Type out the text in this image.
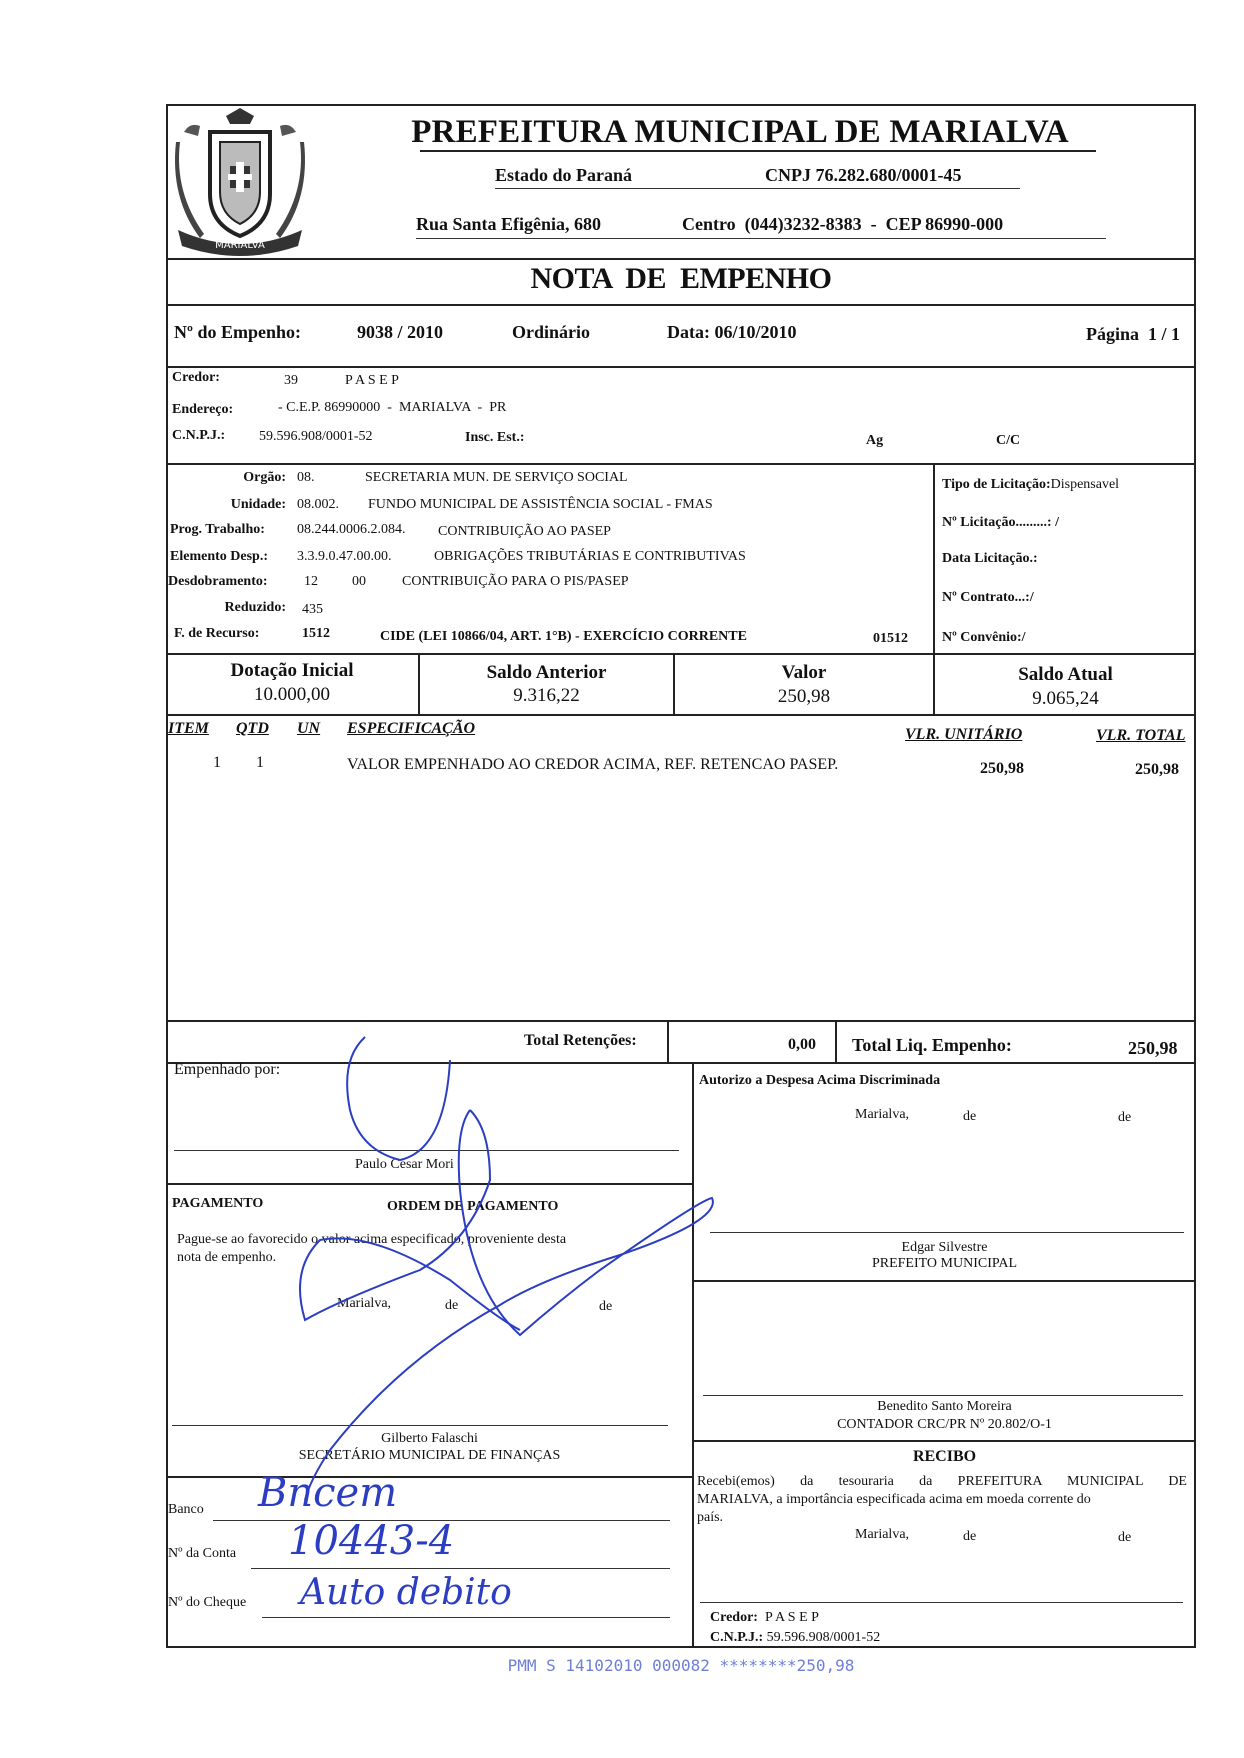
MARIALVA
PREFEITURA MUNICIPAL DE MARIALVA
Estado do Paraná	CNPJ 76.282.680/0001-45
Rua Santa Efigênia, 680	Centro  (044)3232-8383  -  CEP 86990-000
NOTA  DE  EMPENHO
Nº do Empenho:	9038 / 2010	Ordinário	Data: 06/10/2010	Página  1 / 1
Credor:	39	P A S E P
Endereço:	- C.E.P. 86990000  -  MARIALVA  -  PR
C.N.P.J.: 59.596.908/0001-52	Insc. Est.:	Ag	C/C
Orgão: 08.	SECRETARIA MUN. DE SERVIÇO SOCIAL
Unidade: 08.002. FUNDO MUNICIPAL DE ASSISTÊNCIA SOCIAL - FMAS
Prog. Trabalho: 08.244.0006.2.084. CONTRIBUIÇÃO AO PASEP
Elemento Desp.: 3.3.9.0.47.00.00.	OBRIGAÇÕES TRIBUTÁRIAS E CONTRIBUTIVAS
Desdobramento:	12 00	CONTRIBUIÇÃO PARA O PIS/PASEP
Reduzido: 435
F. de Recurso:	1512	CIDE (LEI 10866/04, ART. 1°B) - EXERCÍCIO CORRENTE	01512
Tipo de Licitação:Dispensavel
Nº Licitação.........: /
Data Licitação.:
Nº Contrato...:/
Nº Convênio:/
Dotação Inicial
10.000,00
Saldo Anterior
9.316,22
Valor
250,98
Saldo Atual
9.065,24
ITEM QTD UN ESPECIFICAÇÃO	VLR. UNITÁRIO	VLR. TOTAL
1 1	VALOR EMPENHADO AO CREDOR ACIMA, REF. RETENCAO PASEP.	250,98	250,98
Total Retenções:	0,00 Total Liq. Empenho:	250,98
Empenhado por:
Paulo César Mori
Autorizo a Despesa Acima Discriminada
Marialva,	de	de
Edgar Silvestre
PREFEITO MUNICIPAL
Benedito Santo Moreira
CONTADOR CRC/PR Nº 20.802/O-1
PAGAMENTO	ORDEM DE PAGAMENTO
Pague-se ao favorecido o valor acima especificado, proveniente desta
nota de empenho.
Marialva,	de	de
Gilberto Falaschi
SECRETÁRIO MUNICIPAL DE FINANÇAS
Banco Bncem
Nº da Conta 10443-4
Nº do Cheque Auto debito
RECIBO
Recebi(emos) da tesouraria da PREFEITURA MUNICIPAL DE
MARIALVA, a importância especificada acima em moeda corrente do
país.
Marialva,	de	de
Credor: P A S E P
C.N.P.J.: 59.596.908/0001-52
PMM S 14102010 000082 ********250,98
